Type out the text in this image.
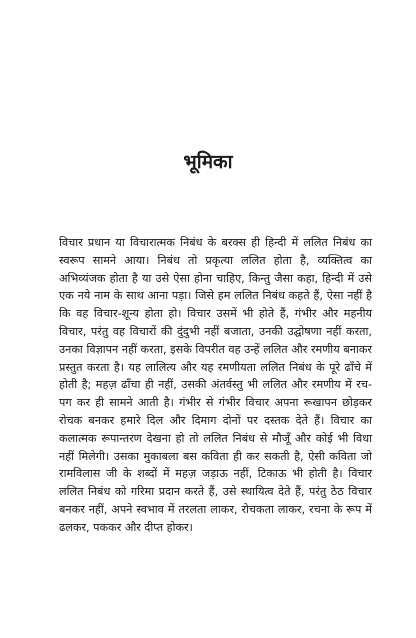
भूमिका

विचार प्रधान या विचारात्मक निबंध के बरक्स ही हिन्दी में ललित निबंध का स्वरूप सामने आया। निबंध तो प्रकृत्या ललित होता है, व्यक्तित्व का अभिव्यंजक होता है या उसे ऐसा होना चाहिए, किन्तु जैसा कहा, हिन्दी में उसे एक नये नाम के साथ आना पड़ा। जिसे हम ललित निबंध कहते हैं, ऐसा नहीं है कि वह विचार-शून्य होता हो। विचार उसमें भी होते हैं, गंभीर और महनीय विचार, परंतु वह विचारों की दुंदुभी नहीं बजाता, उनकी उद्घोषणा नहीं करता, उनका विज्ञापन नहीं करता, इसके विपरीत वह उन्हें ललित और रमणीय बनाकर प्रस्तुत करता है। यह लालित्य और यह रमणीयता ललित निबंध के पूरे ढाँचे में होती है; महज़ ढाँचा ही नहीं, उसकी अंतर्वस्तु भी ललित और रमणीय में रच-पग कर ही सामने आती है। गंभीर से गंभीर विचार अपना रूखापन छोड़कर रोचक बनकर हमारे दिल और दिमाग दोनों पर दस्तक देते हैं। विचार का कलात्मक रूपान्तरण देखना हो तो ललित निबंध से मौजूँ और कोई भी विधा नहीं मिलेगी। उसका मुकाबला बस कविता ही कर सकती है, ऐसी कविता जो रामविलास जी के शब्दों में महज़ जड़ाऊ नहीं, टिकाऊ भी होती है। विचार ललित निबंध को गरिमा प्रदान करते हैं, उसे स्थायित्व देते हैं, परंतु ठेठ विचार बनकर नहीं, अपने स्वभाव में तरलता लाकर, रोचकता लाकर, रचना के रूप में ढलकर, पककर और दीप्त होकर।
